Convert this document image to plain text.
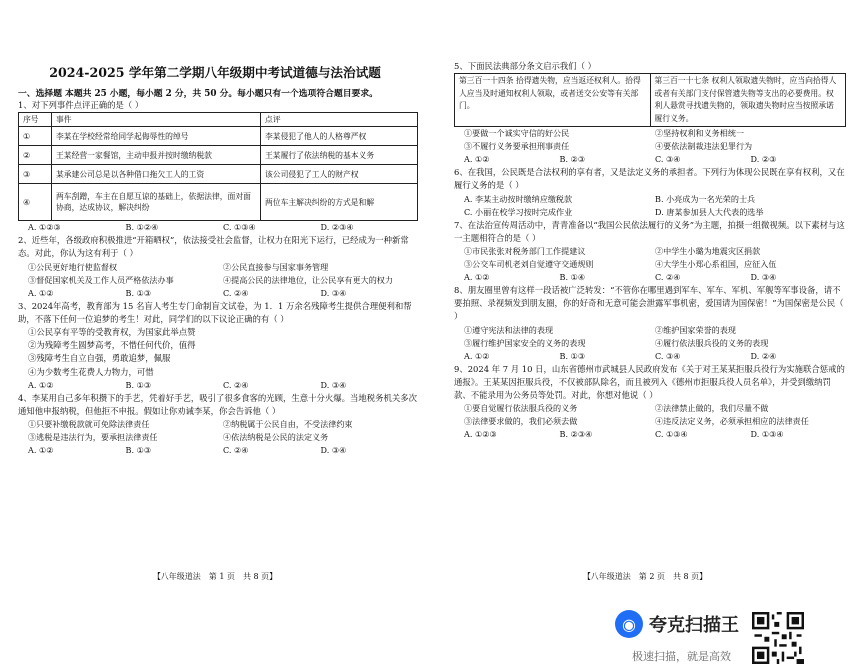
2024-2025 学年第二学期八年级期中考试道德与法治试题
一、选择题 本题共 25 小题，每小题 2 分，共 50 分。每小题只有一个选项符合题目要求。
1、对下列事件点评正确的是（ ）
序号	事件	点评
①	李某在学校经常给同学起侮辱性的绰号	李某侵犯了他人的人格尊严权
②	王某经营一家餐馆，主动申报并按时缴纳税款	王某履行了依法纳税的基本义务
③	某承建公司总是以各种借口拖欠工人的工资	该公司侵犯了工人的财产权
④	两车刮蹭，车主在自愿互谅的基础上，依据法律，面对面协商，达成协议，解决纠纷	两位车主解决纠纷的方式是和解
A. ①②③	B. ①②④	C. ①③④	D. ②③④
2、近些年，各级政府积极推进“开箱晒权”，依法接受社会监督，让权力在阳光下运行，已经成为一种新常态。对此，你认为这有利于（ ）
①公民更好地行使监督权	②公民直接参与国家事务管理
③督促国家机关及工作人员严格依法办事	④提高公民的法律地位，让公民享有更大的权力
A. ①②	B. ①③	C. ②④	D. ③④
3、2024年高考，教育部为 15 名盲人考生专门命制盲文试卷，为 1．1 万余名残障考生提供合理便利和帮助，不落下任何一位追梦的考生！对此，同学们的以下议论正确的有（ ）
①公民享有平等的受教育权，为国家此举点赞
②为残障考生圆梦高考，不惜任何代价，值得
③残障考生自立自强，勇敢追梦，佩服
④为少数考生花费人力物力，可惜
A. ①②	B. ①③	C. ②④	D. ③④
4、李某用自己多年积攒下的手艺，凭着好手艺，吸引了很多食客的光顾，生意十分火爆。当地税务机关多次通知他申报纳税，但他拒不申报。假如让你劝诫李某，你会告诉他（ ）
①只要补缴税款就可免除法律责任	②纳税属于公民自由，不受法律约束
③逃税是违法行为，要承担法律责任	④依法纳税是公民的法定义务
A. ①②	B. ①③	C. ②④	D. ③④
【八年级道法　第 1 页　共 8 页】
5、下面民法典部分条文启示我们（ ）
第三百一十四条 拾得遗失物，应当返还权利人。拾得人应当及时通知权利人领取，或者送交公安等有关部门。	第三百一十七条 权利人领取遗失物时，应当向拾得人或者有关部门支付保管遗失物等支出的必要费用。权利人悬赏寻找遗失物的，领取遗失物时应当按照承诺履行义务。
①要做一个诚实守信的好公民	②坚持权利和义务相统一
③不履行义务要承担刑事责任	④要依法制裁违法犯罪行为
A. ①②	B. ②③	C. ③④	D. ②③
6、在我国，公民既是合法权利的享有者，又是法定义务的承担者。下列行为体现公民既在享有权利，又在履行义务的是（ ）
A. 李某主动按时缴纳应缴税款	B. 小亮成为一名光荣的士兵
C. 小丽在校学习按时完成作业	D. 唐某参加县人大代表的选举
7、在法治宣传周活动中，青青准备以“我国公民依法履行的义务”为主题，拍摄一组微视频。以下素材与这一主题相符合的是（ ）
①市民张张对税务部门工作提建议	②中学生小璐为地震灾区捐款
③公交车司机老刘自觉遵守交通规则	④大学生小郑心系祖国，应征入伍
A. ①②	B. ①④	C. ②④	D. ③④
8、朋友圈里曾有这样一段话被广泛转发：“不管你在哪里遇到军车、军车、军机、军舰等军事设备，请不要拍照、录视频发到朋友圈，你的好奇和无意可能会泄露军事机密，爱国请为国保密！”为国保密是公民（ ）
①遵守宪法和法律的表现	②维护国家荣誉的表现
③履行维护国家安全的义务的表现	④履行依法服兵役的义务的表现
A. ①②	B. ①③	C. ③④	D. ②④
9、2024 年 7 月 10 日，山东省德州市武城县人民政府发布《关于对王某某拒服兵役行为实施联合惩戒的通报》。王某某因拒服兵役，不仅被部队除名，而且被列入《德州市拒服兵役人员名单》，并受到缴纳罚款、不能录用为公务员等处罚。对此，你想对他说（ ）
①要自觉履行依法服兵役的义务	②法律禁止做的，我们尽量不做
③法律要求做的，我们必须去做	④违反法定义务，必须承担相应的法律责任
A. ①②③	B. ②③④	C. ①③④	D. ①③④
【八年级道法　第 2 页　共 8 页】
◉ 夸克扫描王
极速扫描，就是高效
